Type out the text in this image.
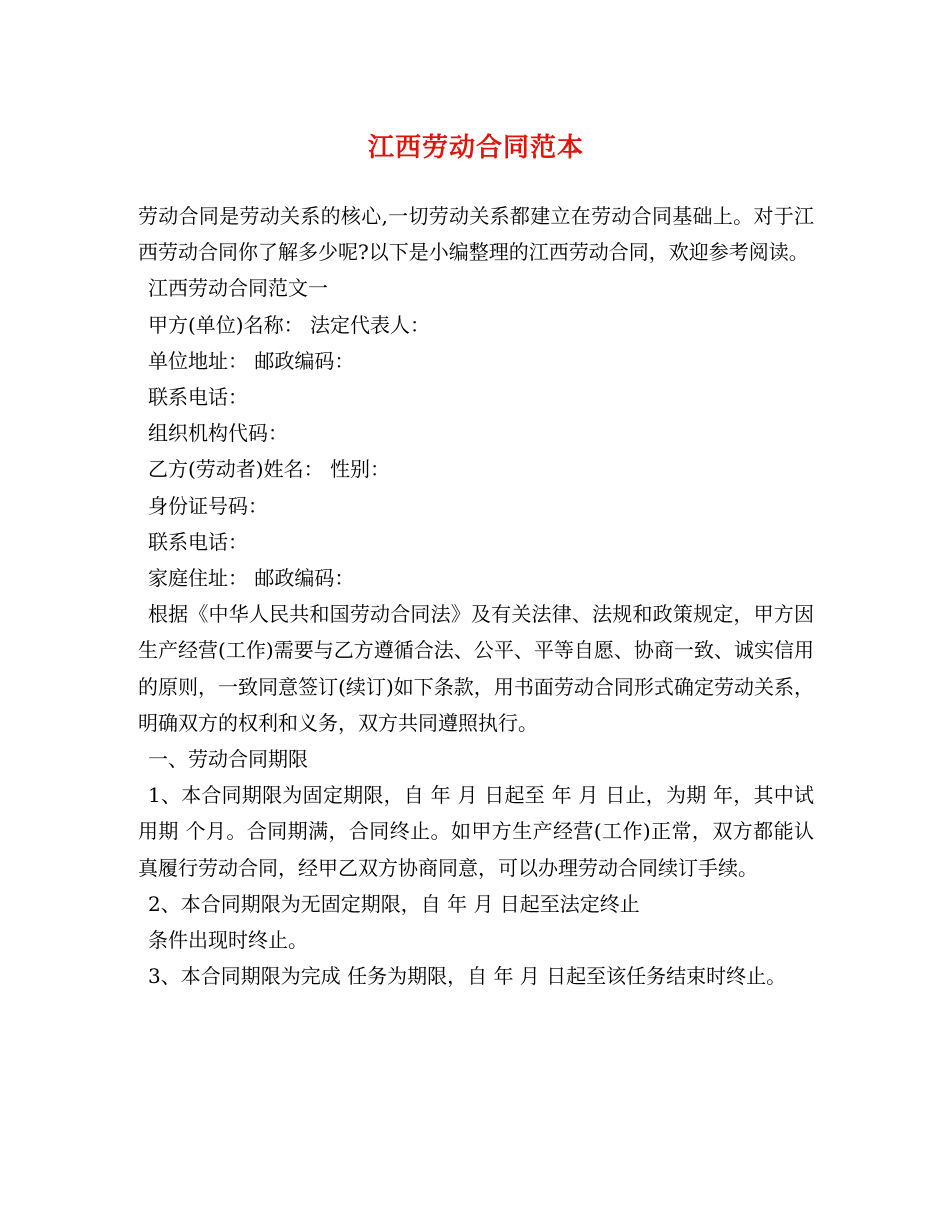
江西劳动合同范本

劳动合同是劳动关系的核心,一切劳动关系都建立在劳动合同基础上。对于江西劳动合同你了解多少呢?以下是小编整理的江西劳动合同，欢迎参考阅读。

江西劳动合同范文一

甲方(单位)名称： 法定代表人：

单位地址： 邮政编码：

联系电话：

组织机构代码：

乙方(劳动者)姓名： 性别：

身份证号码：

联系电话：

家庭住址： 邮政编码：

根据《中华人民共和国劳动合同法》及有关法律、法规和政策规定，甲方因生产经营(工作)需要与乙方遵循合法、公平、平等自愿、协商一致、诚实信用的原则，一致同意签订(续订)如下条款，用书面劳动合同形式确定劳动关系，明确双方的权利和义务，双方共同遵照执行。

一、劳动合同期限

1、本合同期限为固定期限，自 年 月 日起至 年 月 日止，为期 年，其中试用期 个月。合同期满，合同终止。如甲方生产经营(工作)正常，双方都能认真履行劳动合同，经甲乙双方协商同意，可以办理劳动合同续订手续。

2、本合同期限为无固定期限，自 年 月 日起至法定终止

条件出现时终止。

3、本合同期限为完成 任务为期限，自 年 月 日起至该任务结束时终止。
